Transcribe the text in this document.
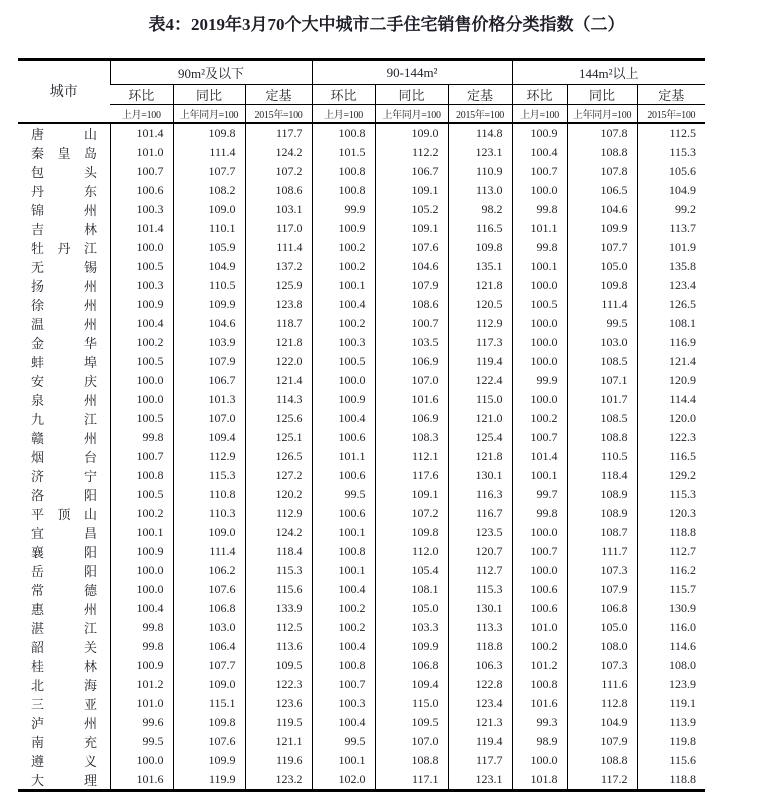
表4：2019年3月70个大中城市二手住宅销售价格分类指数（二）
城市	90m²及以下			90-144m²			144m²以上		
	环比	同比	定基	环比	同比	定基	环比	同比	定基
	上月=100	上年同月=100	2015年=100	上月=100	上年同月=100	2015年=100	上月=100	上年同月=100	2015年=100

唐山	101.4	109.8	117.7	100.8	109.0	114.8	100.9	107.8	112.5

秦皇岛	101.0	111.4	124.2	101.5	112.2	123.1	100.4	108.8	115.3

包头	100.7	107.7	107.2	100.8	106.7	110.9	100.7	107.8	105.6

丹东	100.6	108.2	108.6	100.8	109.1	113.0	100.0	106.5	104.9

锦州	100.3	109.0	103.1	99.9	105.2	98.2	99.8	104.6	99.2

吉林	101.4	110.1	117.0	100.9	109.1	116.5	101.1	109.9	113.7

牡丹江	100.0	105.9	111.4	100.2	107.6	109.8	99.8	107.7	101.9

无锡	100.5	104.9	137.2	100.2	104.6	135.1	100.1	105.0	135.8

扬州	100.3	110.5	125.9	100.1	107.9	121.8	100.0	109.8	123.4

徐州	100.9	109.9	123.8	100.4	108.6	120.5	100.5	111.4	126.5

温州	100.4	104.6	118.7	100.2	100.7	112.9	100.0	99.5	108.1

金华	100.2	103.9	121.8	100.3	103.5	117.3	100.0	103.0	116.9

蚌埠	100.5	107.9	122.0	100.5	106.9	119.4	100.0	108.5	121.4

安庆	100.0	106.7	121.4	100.0	107.0	122.4	99.9	107.1	120.9

泉州	100.0	101.3	114.3	100.9	101.6	115.0	100.0	101.7	114.4

九江	100.5	107.0	125.6	100.4	106.9	121.0	100.2	108.5	120.0

赣州	99.8	109.4	125.1	100.6	108.3	125.4	100.7	108.8	122.3

烟台	100.7	112.9	126.5	101.1	112.1	121.8	101.4	110.5	116.5

济宁	100.8	115.3	127.2	100.6	117.6	130.1	100.1	118.4	129.2

洛阳	100.5	110.8	120.2	99.5	109.1	116.3	99.7	108.9	115.3

平顶山	100.2	110.3	112.9	100.6	107.2	116.7	99.8	108.9	120.3

宜昌	100.1	109.0	124.2	100.1	109.8	123.5	100.0	108.7	118.8

襄阳	100.9	111.4	118.4	100.8	112.0	120.7	100.7	111.7	112.7

岳阳	100.0	106.2	115.3	100.1	105.4	112.7	100.0	107.3	116.2

常德	100.0	107.6	115.6	100.4	108.1	115.3	100.6	107.9	115.7

惠州	100.4	106.8	133.9	100.2	105.0	130.1	100.6	106.8	130.9

湛江	99.8	103.0	112.5	100.2	103.3	113.3	101.0	105.0	116.0

韶关	99.8	106.4	113.6	100.4	109.9	118.8	100.2	108.0	114.6

桂林	100.9	107.7	109.5	100.8	106.8	106.3	101.2	107.3	108.0

北海	101.2	109.0	122.3	100.7	109.4	122.8	100.8	111.6	123.9

三亚	101.0	115.1	123.6	100.3	115.0	123.4	101.6	112.8	119.1

泸州	99.6	109.8	119.5	100.4	109.5	121.3	99.3	104.9	113.9

南充	99.5	107.6	121.1	99.5	107.0	119.4	98.9	107.9	119.8

遵义	100.0	109.9	119.6	100.1	108.8	117.7	100.0	108.8	115.6

大理	101.6	119.9	123.2	102.0	117.1	123.1	101.8	117.2	118.8
